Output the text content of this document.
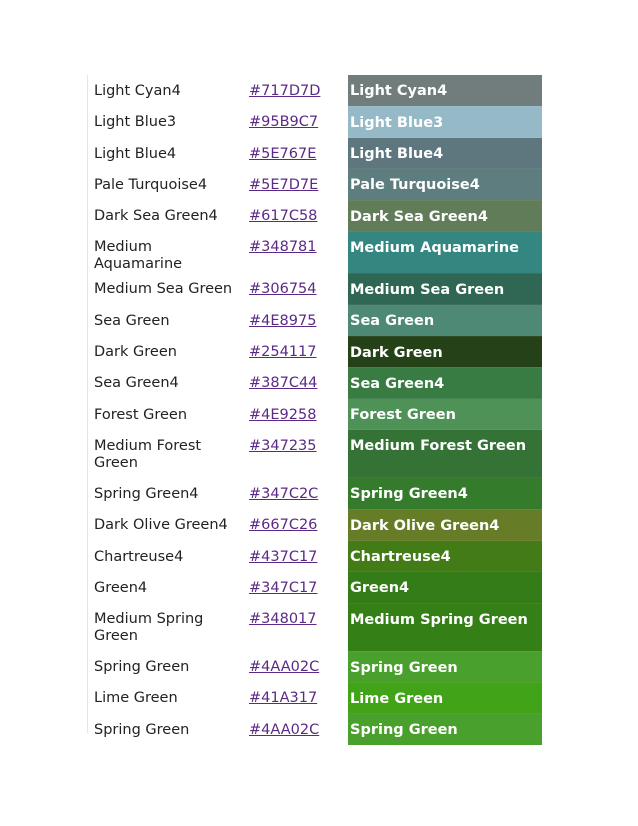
Light Cyan4	#717D7D	Light Cyan4
Light Blue3	#95B9C7	Light Blue3
Light Blue4	#5E767E	Light Blue4
Pale Turquoise4	#5E7D7E	Pale Turquoise4
Dark Sea Green4	#617C58	Dark Sea Green4
Medium Aquamarine	#348781	Medium Aquamarine
Medium Sea Green	#306754	Medium Sea Green
Sea Green	#4E8975	Sea Green
Dark Green	#254117	Dark Green
Sea Green4	#387C44	Sea Green4
Forest Green	#4E9258	Forest Green
Medium Forest Green	#347235	Medium Forest Green
Spring Green4	#347C2C	Spring Green4
Dark Olive Green4	#667C26	Dark Olive Green4
Chartreuse4	#437C17	Chartreuse4
Green4	#347C17	Green4
Medium Spring Green	#348017	Medium Spring Green
Spring Green	#4AA02C	Spring Green
Lime Green	#41A317	Lime Green
Spring Green	#4AA02C	Spring Green
